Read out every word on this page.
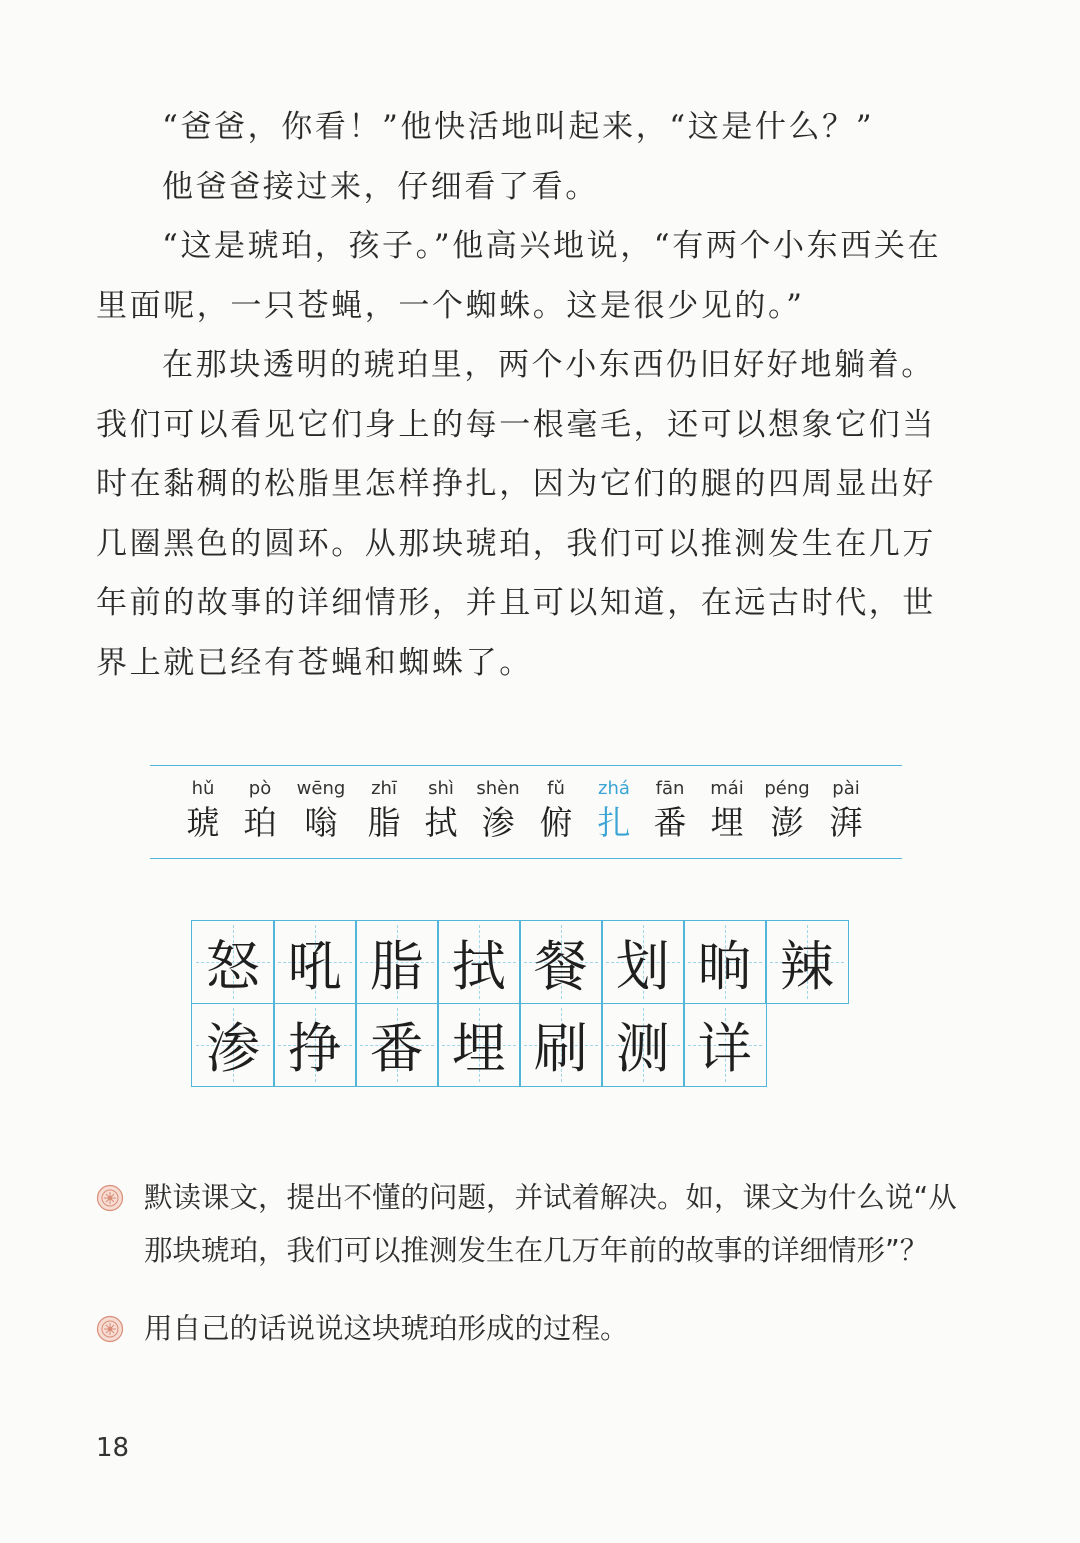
“爸爸，你看！”他快活地叫起来，“这是什么？”

他爸爸接过来，仔细看了看。

“这是琥珀，孩子。”他高兴地说，“有两个小东西关在里面呢，一只苍蝇，一个蜘蛛。这是很少见的。”

在那块透明的琥珀里，两个小东西仍旧好好地躺着。我们可以看见它们身上的每一根毫毛，还可以想象它们当时在黏稠的松脂里怎样挣扎，因为它们的腿的四周显出好几圈黑色的圆环。从那块琥珀，我们可以推测发生在几万年前的故事的详细情形，并且可以知道，在远古时代，世界上就已经有苍蝇和蜘蛛了。

hǔ
琥
pò
珀
wēng
嗡
zhī
脂
shì
拭
shèn
渗
fǔ
俯
zhá
扎
fān
番
mái
埋
péng
澎
pài
湃
怒 吼 脂 拭 餐 划 晌 辣
渗 挣 番 埋 刷 测 详
默读课文，提出不懂的问题，并试着解决。如，课文为什么说“从那块琥珀，我们可以推测发生在几万年前的故事的详细情形”？
用自己的话说说这块琥珀形成的过程。
18
